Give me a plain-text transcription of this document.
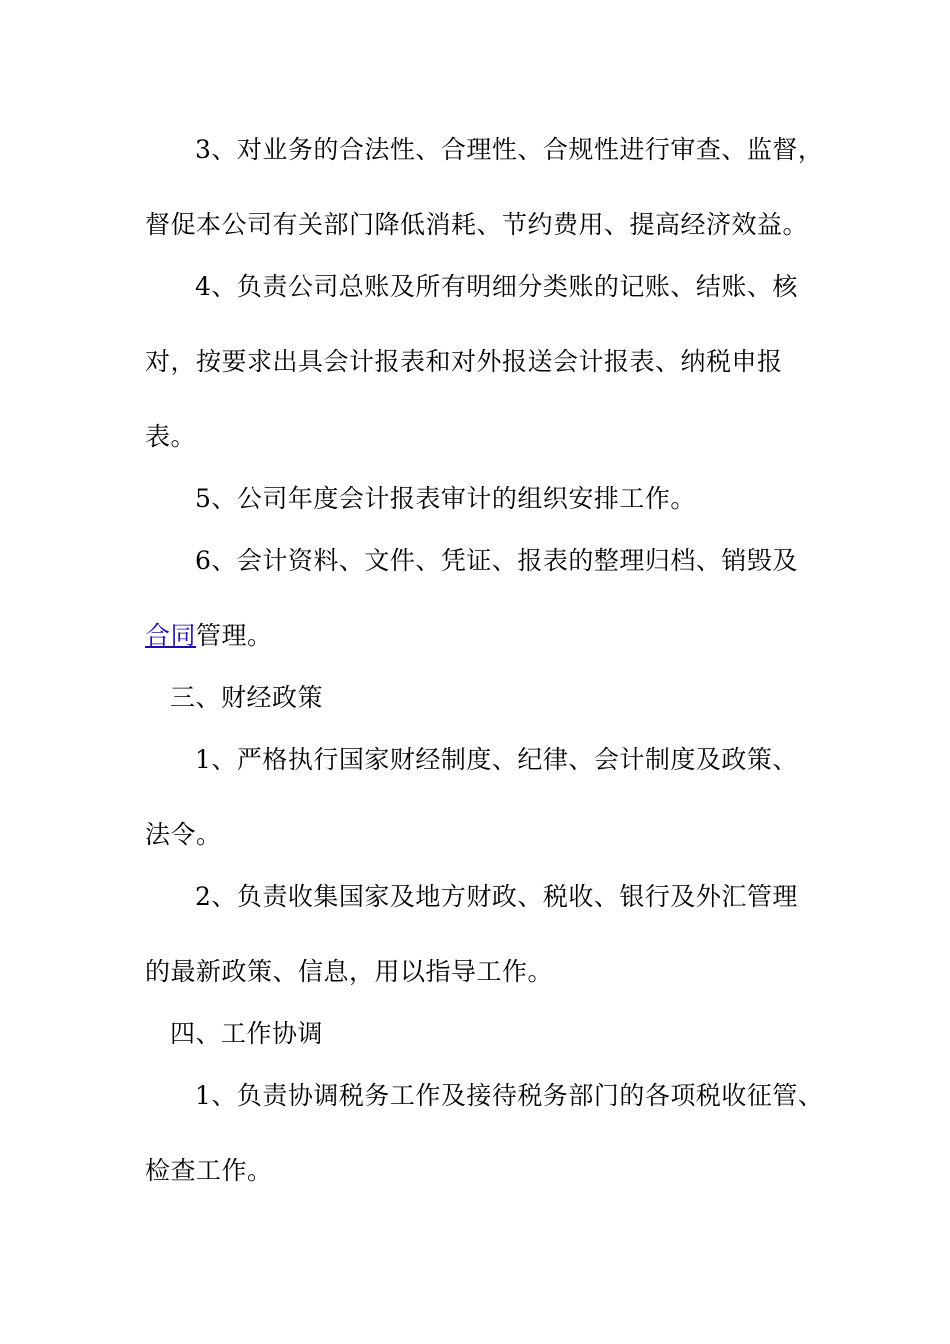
3、对业务的合法性、合理性、合规性进行审查、监督，
督促本公司有关部门降低消耗、节约费用、提高经济效益。
4、负责公司总账及所有明细分类账的记账、结账、核
对，按要求出具会计报表和对外报送会计报表、纳税申报
表。
5、公司年度会计报表审计的组织安排工作。
6、会计资料、文件、凭证、报表的整理归档、销毁及
合同管理。
三、财经政策
1、严格执行国家财经制度、纪律、会计制度及政策、
法令。
2、负责收集国家及地方财政、税收、银行及外汇管理
的最新政策、信息，用以指导工作。
四、工作协调
1、负责协调税务工作及接待税务部门的各项税收征管、
检查工作。
